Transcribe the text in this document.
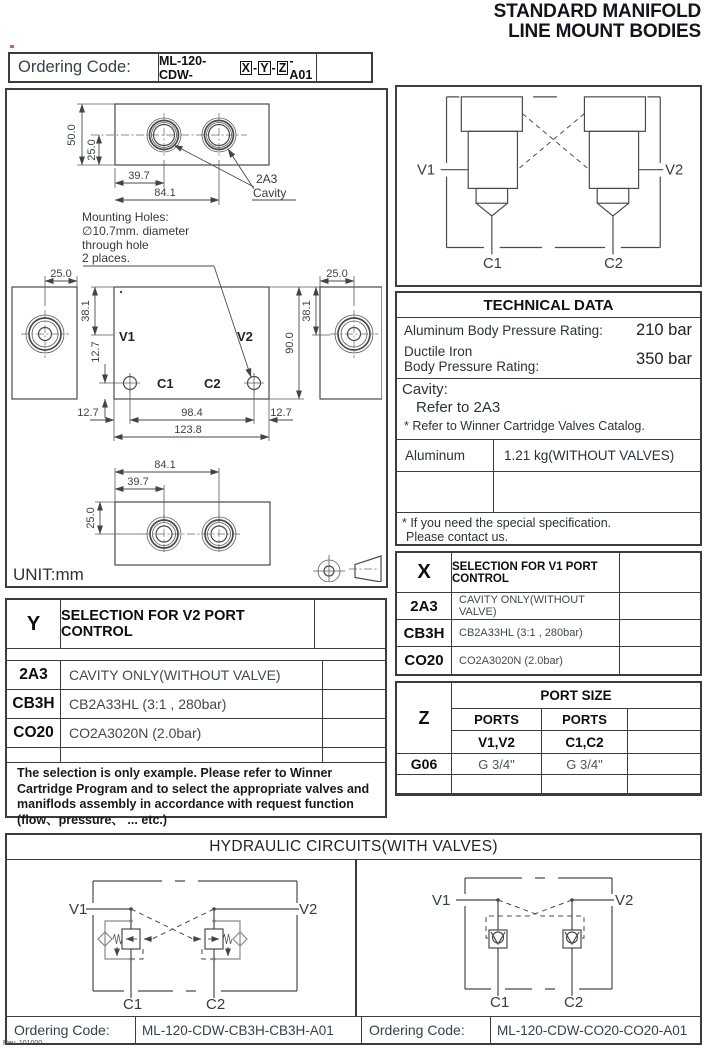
STANDARD MANIFOLD
LINE MOUNT BODIES
Ordering Code:	ML-120-CDW-	X - Y - Z -A01
50.0
25.0
39.7
84.1
2A3
Cavity
Mounting Holes:
∅10.7mm. diameter
through hole
2 places.
25.0
V1	V2
C1 C2
38.1
12.7	90.0
38.1
25.0
12.7	98.4	12.7
123.8
84.1
39.7
25.0
UNIT:mm
V1	V2
C1	C2
TECHNICAL DATA
Aluminum Body Pressure Rating: 210 bar
Ductile Iron
Body Pressure Rating:	350 bar
Cavity:
Refer to 2A3
* Refer to Winner Cartridge Valves Catalog.
Aluminum	1.21 kg(WITHOUT VALVES)
* If you need the special specification.
Please contact us.
X	SELECTION FOR V1 PORT CONTROL
2A3	CAVITY ONLY(WITHOUT VALVE)
CB3H	CB2A33HL (3:1 , 280bar)
CO20	CO2A3020N (2.0bar)
Z
PORT SIZE
PORTS	PORTS
V1,V2	C1,C2
G06	G 3/4"	G 3/4"
Y	SELECTION FOR V2 PORT CONTROL
2A3	CAVITY ONLY(WITHOUT VALVE)
CB3H	CB2A33HL (3:1 , 280bar)
CO20	CO2A3020N (2.0bar)
The selection is only example. Please refer to Winner Cartridge Program and to select the appropriate valves and maniflods assembly in accordance with request function (flow、pressure、 ... etc.)
HYDRAULIC CIRCUITS(WITH VALVES)
V1	V2
C1	C2
V1	V2
C1	C2
Ordering Code:	ML-120-CDW-CB3H-CB3H-A01	Ordering Code:	ML-120-CDW-CO20-CO20-A01
Rev. 101000
